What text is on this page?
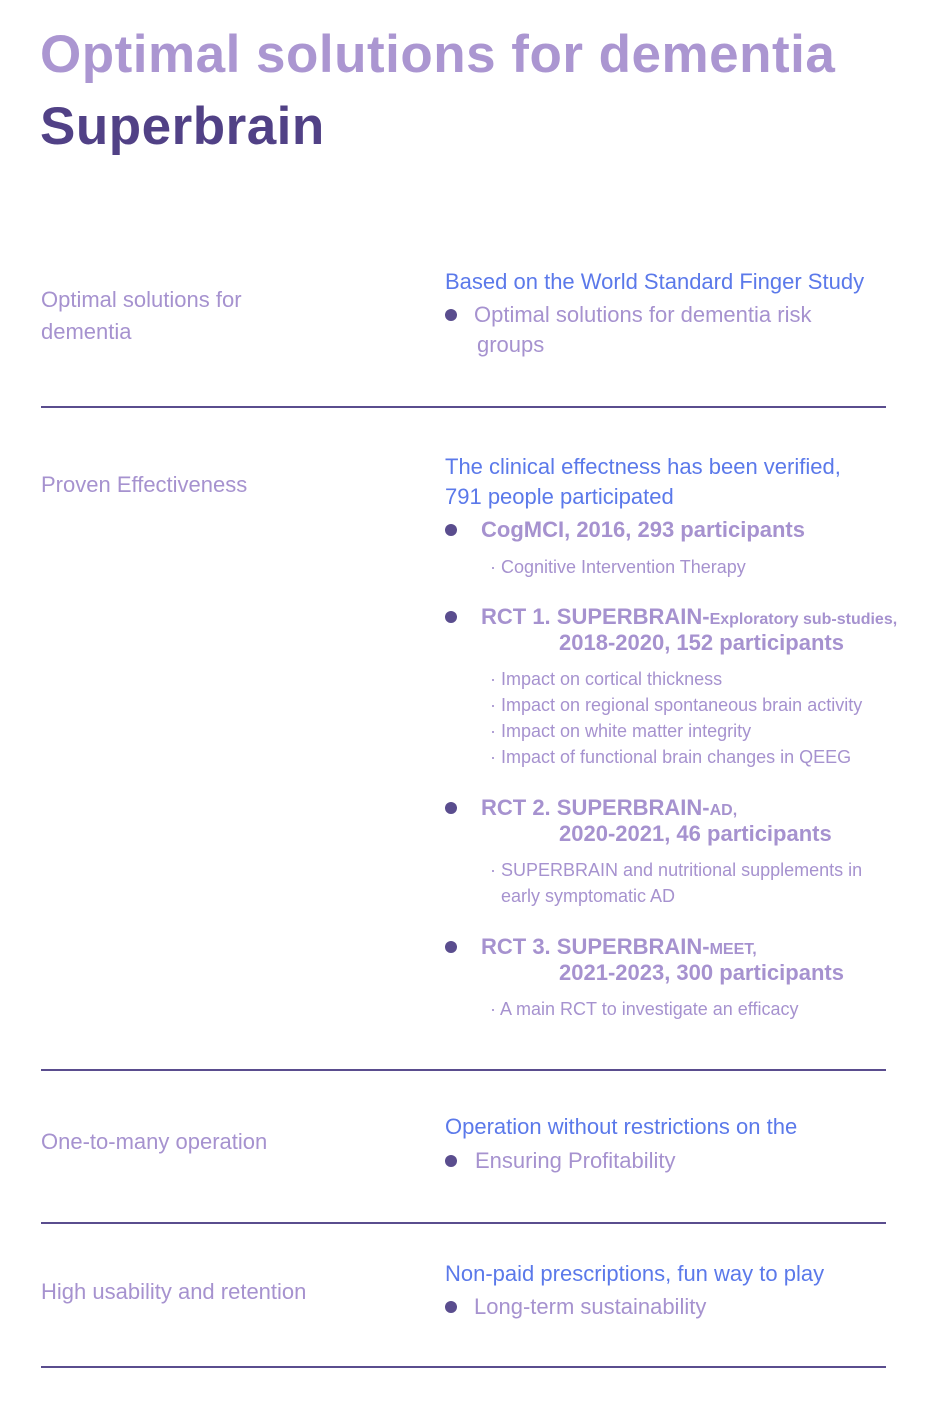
Optimal solutions for dementia
Superbrain
Optimal solutions for
dementia
Based on the World Standard Finger Study
Optimal solutions for dementia risk
groups
Proven Effectiveness
The clinical effectness has been verified,
791 people participated
CogMCI, 2016, 293 participants
· Cognitive Intervention Therapy
RCT 1. SUPERBRAIN-Exploratory sub-studies,
2018-2020, 152 participants
· Impact on cortical thickness
· Impact on regional spontaneous brain activity
· Impact on white matter integrity
· Impact of functional brain changes in QEEG
RCT 2. SUPERBRAIN-AD,
2020-2021, 46 participants
· SUPERBRAIN and nutritional supplements in
early symptomatic AD
RCT 3. SUPERBRAIN-MEET,
2021-2023, 300 participants
· A main RCT to investigate an efficacy
One-to-many operation
Operation without restrictions on the
Ensuring Profitability
High usability and retention
Non-paid prescriptions, fun way to play
Long-term sustainability
